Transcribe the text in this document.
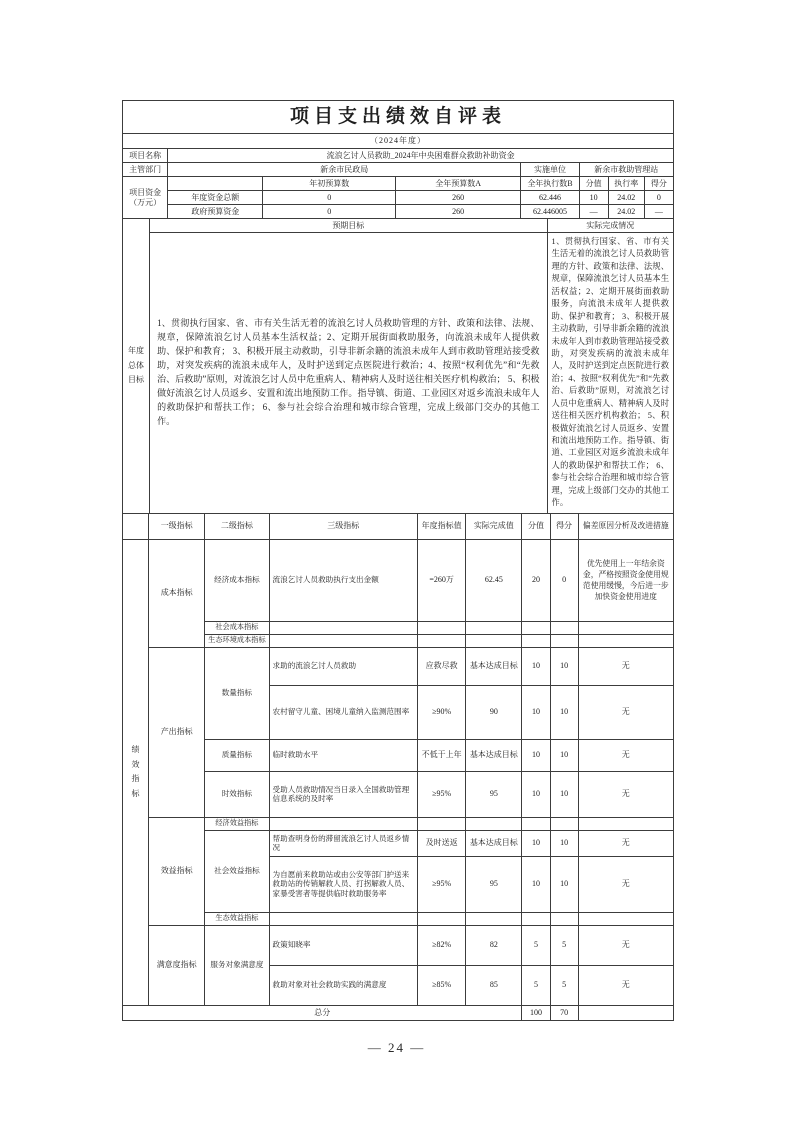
项目支出绩效自评表							
（2024年度）							
项目名称	流浪乞讨人员救助_2024年中央困难群众救助补助资金						
主管部门	新余市民政局			实施单位	新余市救助管理站		
项目资金（万元）		年初预算数	全年预算数A	全年执行数B	分值	执行率	得分
	年度资金总额	0	260	62.446	10	24.02	0
	政府预算资金	0	260	62.446005	—	24.02	—
年度总体目标	预期目标	实际完成情况
1、贯彻执行国家、省、市有关生活无着的流浪乞讨人员救助管理的方针、政策和法律、法规、规章，保障流浪乞讨人员基本生活权益；2、定期开展街面救助服务，向流浪未成年人提供救助、保护和教育； 3、积极开展主动救助，引导非新余籍的流浪未成年人到市救助管理站接受救助，对突发疾病的流浪未成年人，及时护送到定点医院进行救治；4、按照“权利优先”和“先救治、后救助”原则，对流浪乞讨人员中危重病人、精神病人及时送往相关医疗机构救治； 5、积极做好流浪乞讨人员返乡、安置和流出地预防工作。指导镇、街道、工业园区对返乡流浪未成年人的救助保护和帮扶工作； 6、参与社会综合治理和城市综合管理，完成上级部门交办的其他工作。	1、贯彻执行国家、省、市有关生活无着的流浪乞讨人员救助管理的方针、政策和法律、法规、规章，保障流浪乞讨人员基本生活权益；2、定期开展街面救助服务，向流浪未成年人提供救助、保护和教育； 3、积极开展主动救助，引导非新余籍的流浪未成年人到市救助管理站接受救助，对突发疾病的流浪未成年人，及时护送到定点医院进行救治；4、按照“权利优先”和“先救治、后救助”原则，对流浪乞讨人员中危重病人、精神病人及时送往相关医疗机构救治； 5、积极做好流浪乞讨人员返乡、安置和流出地预防工作。指导镇、街道、工业园区对返乡流浪未成年人的救助保护和帮扶工作； 6、参与社会综合治理和城市综合管理，完成上级部门交办的其他工作。
	一级指标	二级指标	三级指标	年度指标值	实际完成值	分值	得分	偏差原因分析及改进措施
绩效指标	成本指标	经济成本指标	流浪乞讨人员救助执行支出金额	=260万	62.45	20	0	优先使用上一年结余资金，严格按照资金使用规范使用缓慢，今后进一步加快资金使用进度
		社会成本指标						
		生态环境成本指标						
	产出指标	数量指标	求助的流浪乞讨人员救助	应救尽救	基本达成目标	10	10	无
			农村留守儿童、困境儿童纳入监测范围率	≥90%	90	10	10	无
		质量指标	临时救助水平	不低于上年	基本达成目标	10	10	无
		时效指标	受助人员救助情况当日录入全国救助管理信息系统的及时率	≥95%	95	10	10	无
	效益指标	经济效益指标						
		社会效益指标	帮助查明身份的滞留流浪乞讨人员返乡情况	及时送返	基本达成目标	10	10	无
			为自愿前来救助站或由公安等部门护送来救助站的传销解救人员、打拐解救人员、家暴受害者等提供临时救助服务率	≥95%	95	10	10	无
		生态效益指标						
	满意度指标	服务对象满意度	政策知晓率	≥82%	82	5	5	无
			救助对象对社会救助实践的满意度	≥85%	85	5	5	无
总分						100	70	
— 24 —
